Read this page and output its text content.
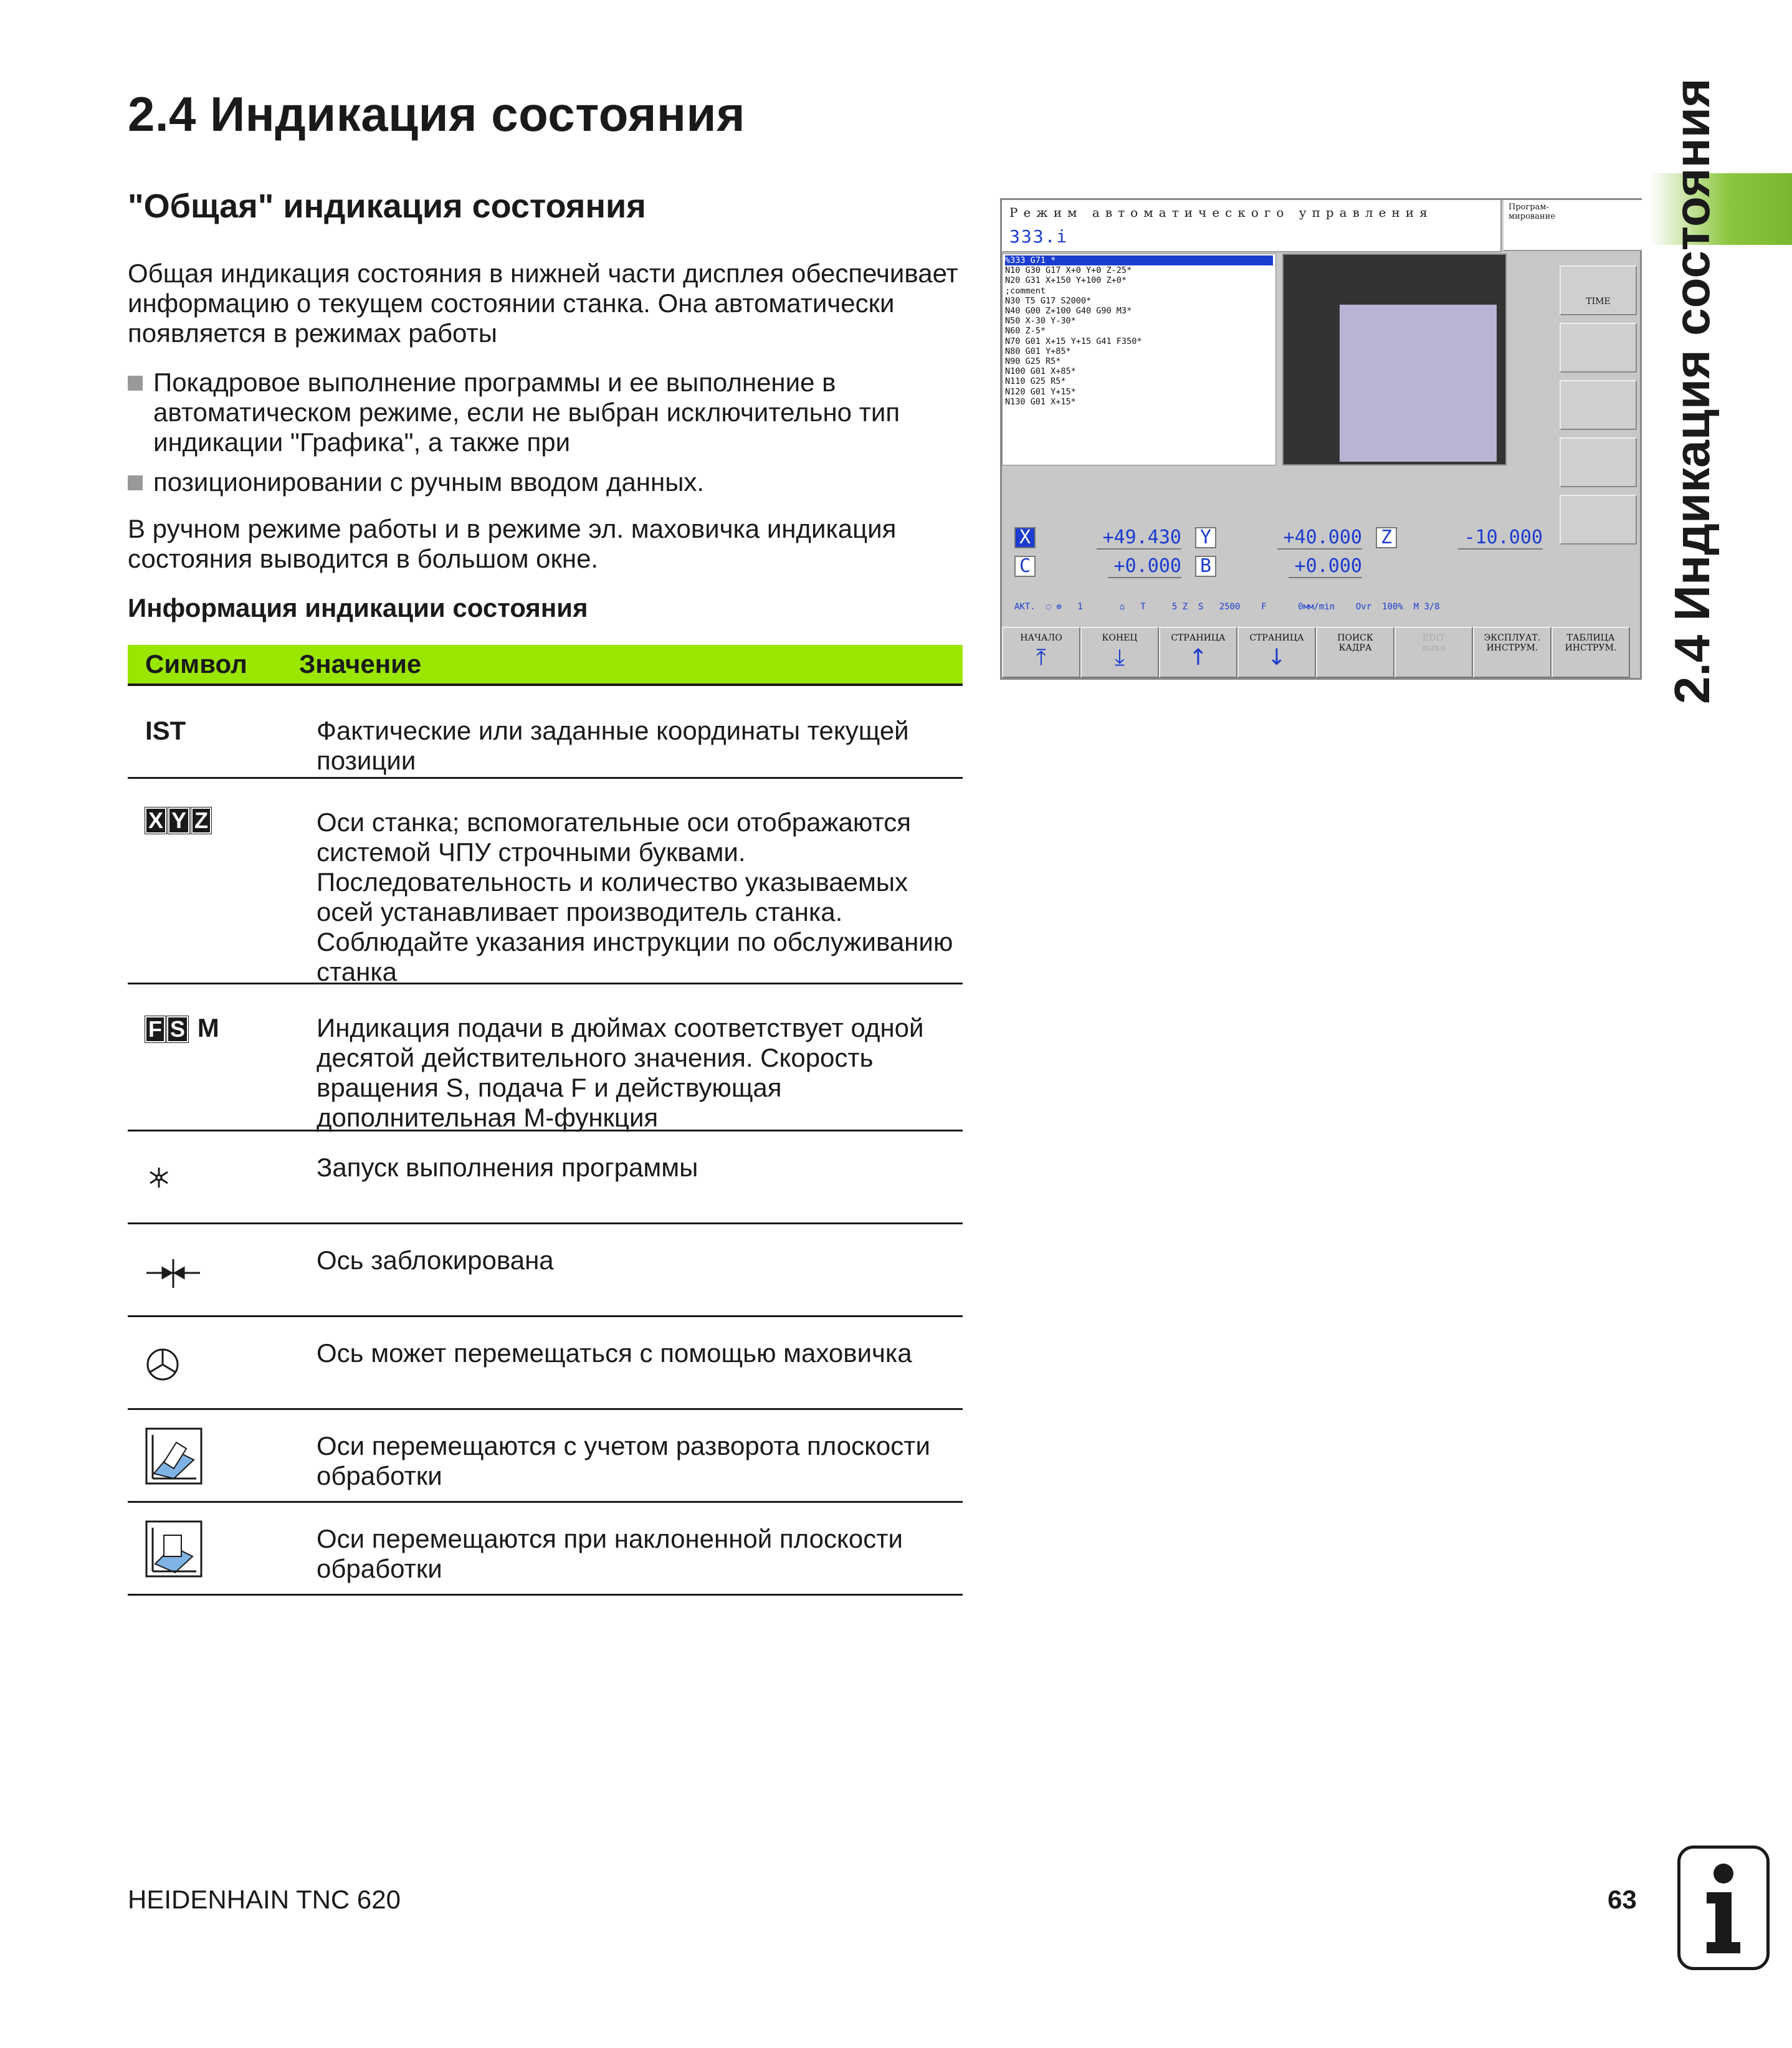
2.4 Индикация состояния
"Общая" индикация состояния
Общая индикация состояния в нижней части дисплея обеспечивает информацию о текущем состоянии станка. Она автоматически появляется в режимах работы
Покадровое выполнение программы и ее выполнение в автоматическом режиме, если не выбран исключительно тип индикации "Графика", а также при
позиционировании с ручным вводом данных.
В ручном режиме работы и в режиме эл. маховичка индикация состояния выводится в большом окне.
Информация индикации состояния
Символ	Значение
IST	Фактические или заданные координаты текущей позиции
X Y Z	Оси станка; вспомогательные оси отображаются системой ЧПУ строчными буквами. Последовательность и количество указываемых осей устанавливает производитель станка. Соблюдайте указания инструкции по обслуживанию станка
F S M	Индикация подачи в дюймах соответствует одной десятой действительного значения. Скорость вращения S, подача F и действующая дополнительная М-функция
Запуск выполнения программы
Ось заблокирована
Ось может перемещаться с помощью маховичка
Оси перемещаются с учетом разворота плоскости обработки
Оси перемещаются при наклоненной плоскости обработки
Режим автоматического управления
333.i
Програм-
мирование
%333 G71 *
N10 G30 G17 X+0 Y+0 Z-25*
N20 G31 X+150 Y+100 Z+0*
;comment
N30 T5 G17 S2000*
N40 G00 Z+100 G40 G90 M3*
N50 X-30 Y-30*
N60 Z-5*
N70 G01 X+15 Y+15 G41 F350*
N80 G01 Y+85*
N90 G25 R5*
N100 G01 X+85*
N110 G25 R5*
N120 G01 Y+15*
N130 G01 X+15*
TIME
X	+49.430 Y	+40.000 Z	-10.000
C	+0.000 B	+0.000
АКТ.  ◌ ⊕   1       ⌂   T     5 Z  S   2500    F      0мм/min    Ovr  100%  M 3/8
НАЧАЛО
⤒
КОНЕЦ
⤓
СТРАНИЦА
↑
СТРАНИЦА
↓
ПОИСК
КАДРА
EDIT
выкл
ЭКСПЛУАТ.
ИНСТРУМ.
ТАБЛИЦА
ИНСТРУМ. 2.4 Индикация состояния
HEIDENHAIN TNC 620	63
